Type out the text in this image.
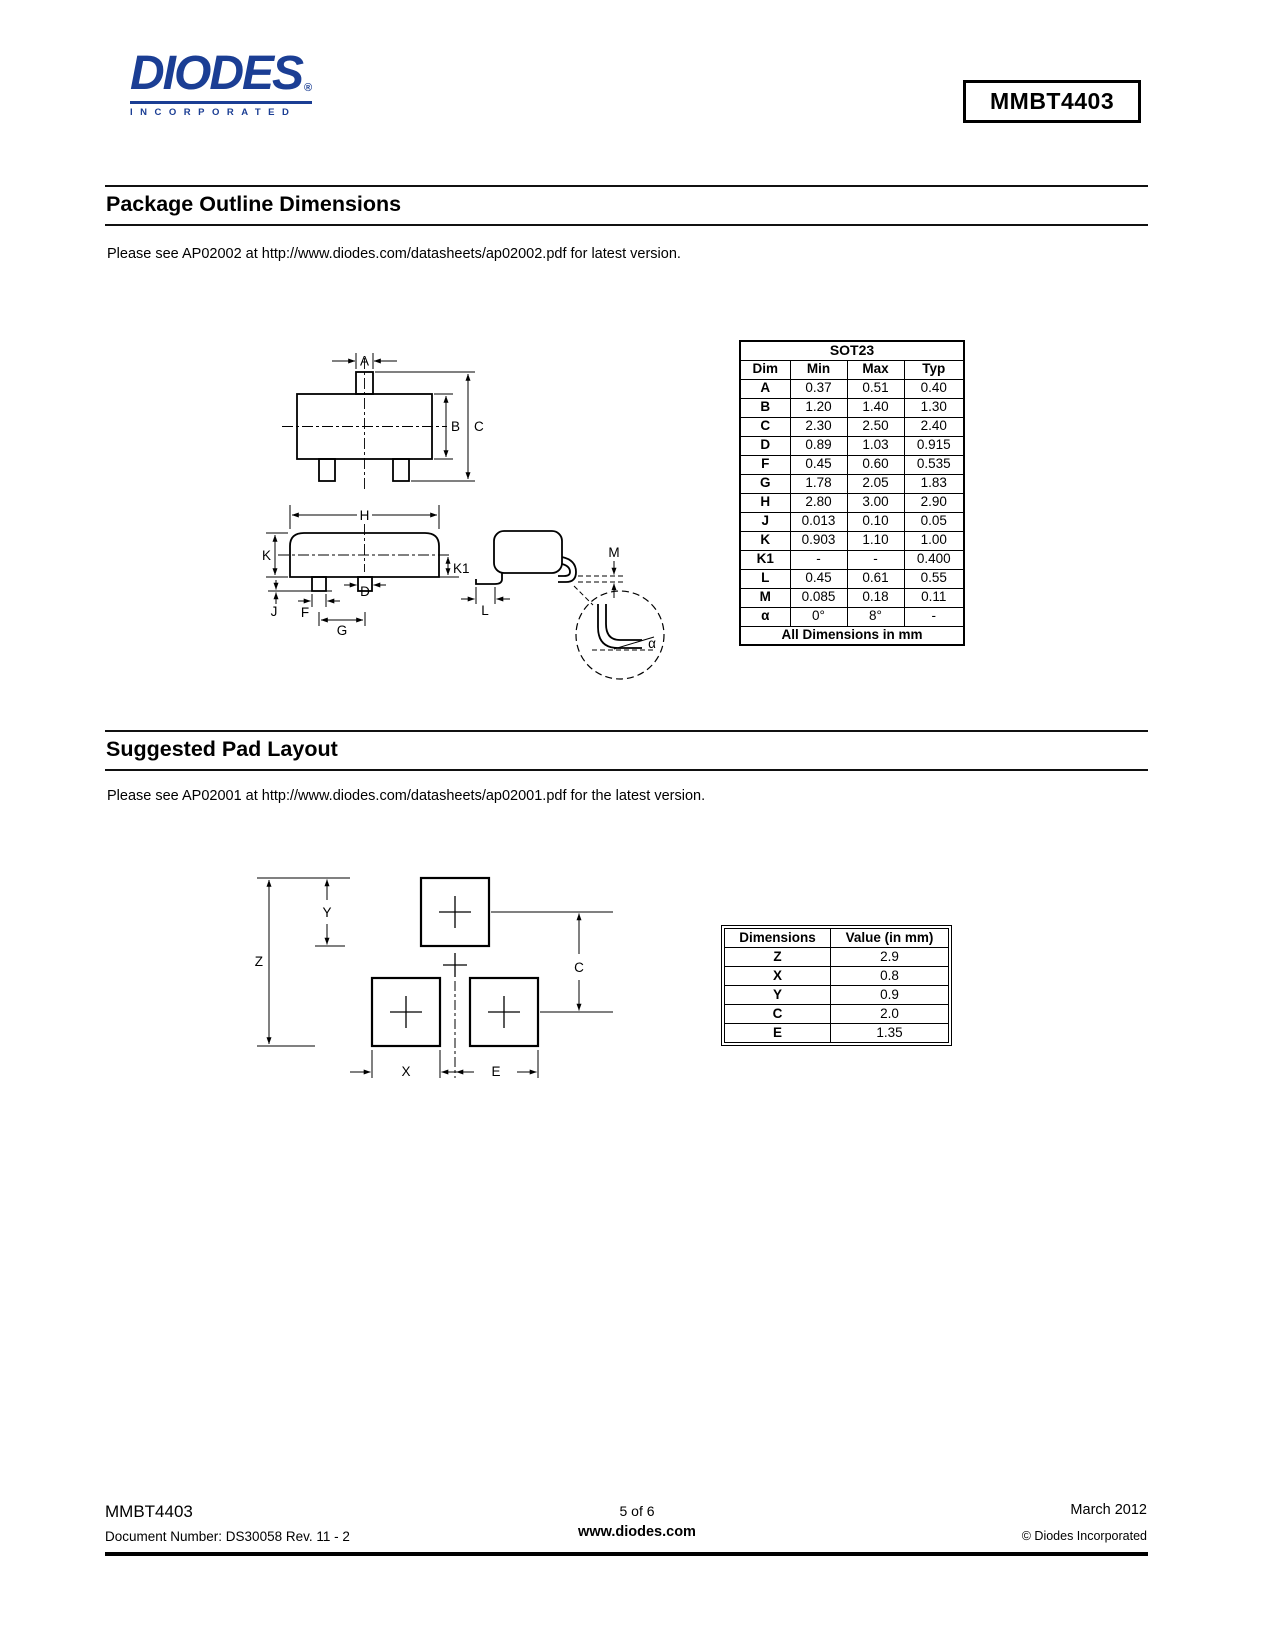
DIODES ®
INCORPORATED	MMBT4403
Package Outline Dimensions
Please see AP02002 at http://www.diodes.com/datasheets/ap02002.pdf for latest version.
A
B C
H
K
J F
G
D
K1
L
M
α
SOT23			
Dim	Min	Max	Typ
A	0.37	0.51	0.40
B	1.20	1.40	1.30
C	2.30	2.50	2.40
D	0.89	1.03	0.915
F	0.45	0.60	0.535
G	1.78	2.05	1.83
H	2.80	3.00	2.90
J	0.013	0.10	0.05
K	0.903	1.10	1.00
K1	-	-	0.400
L	0.45	0.61	0.55
M	0.085	0.18	0.11
α	0°	8°	-
All Dimensions in mm			
Suggested Pad Layout
Please see AP02001 at http://www.diodes.com/datasheets/ap02001.pdf for the latest version.
Z
Y
C
X	E
Dimensions	Value (in mm)
Z	2.9
X	0.8
Y	0.9
C	2.0
E	1.35
MMBT4403
Document Number: DS30058 Rev. 11 - 2
5 of 6
www.diodes.com
March 2012
© Diodes Incorporated
